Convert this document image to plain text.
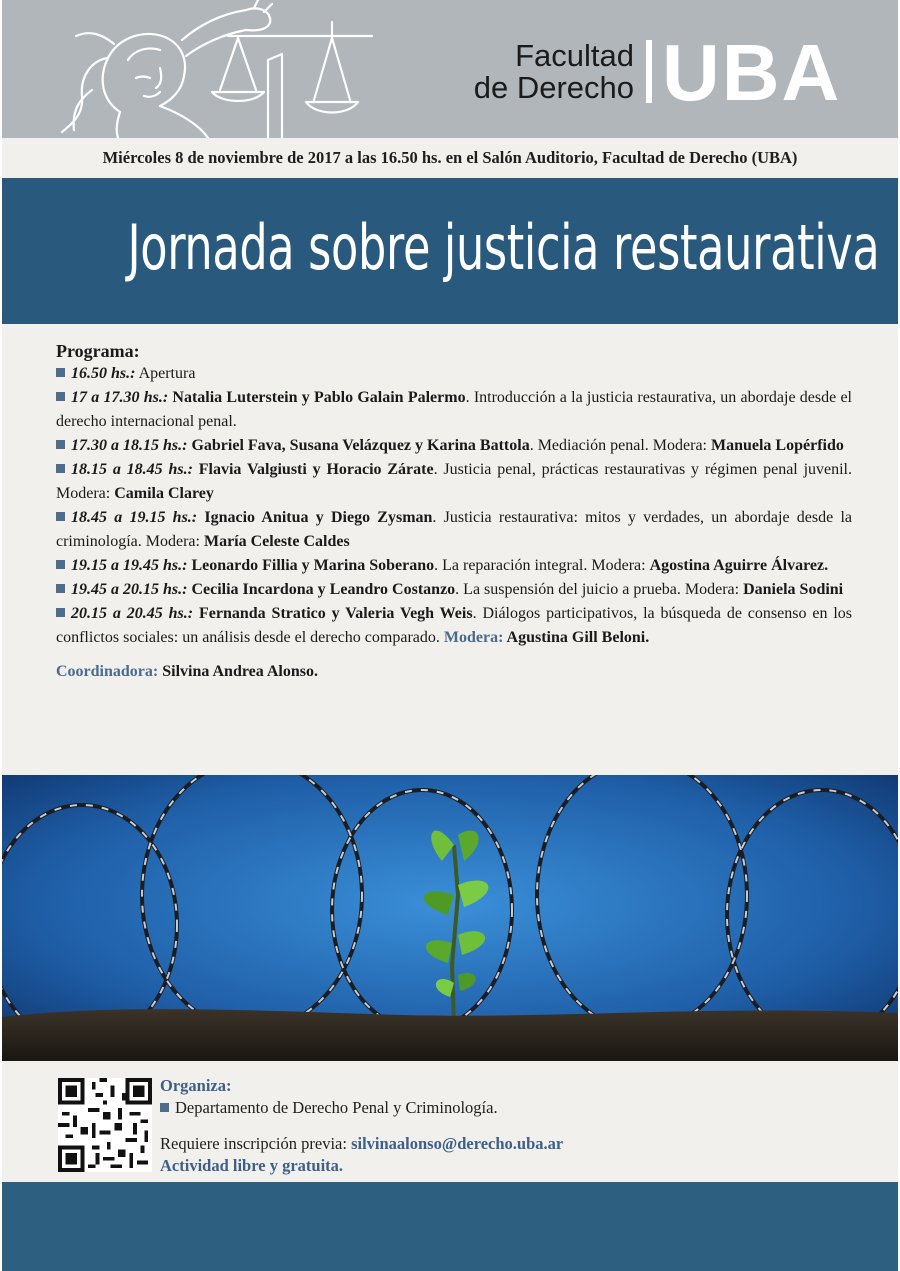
Facultad
de Derecho UBA
Miércoles 8 de noviembre de 2017 a las 16.50 hs. en el Salón Auditorio, Facultad de Derecho (UBA)
Jornada sobre justicia restaurativa
Programa:
16.50 hs.: Apertura
17 a 17.30 hs.: Natalia Luterstein y Pablo Galain Palermo. Introducción a la justicia restaurativa, un abordaje desde el derecho internacional penal.
17.30 a 18.15 hs.: Gabriel Fava, Susana Velázquez y Karina Battola. Mediación penal. Modera: Manuela Lopérfido
18.15 a 18.45 hs.: Flavia Valgiusti y Horacio Zárate. Justicia penal, prácticas restaurativas y régimen penal juvenil. Modera: Camila Clarey
18.45 a 19.15 hs.: Ignacio Anitua y Diego Zysman. Justicia restaurativa: mitos y verdades, un abordaje desde la criminología. Modera: María Celeste Caldes
19.15 a 19.45 hs.: Leonardo Fillia y Marina Soberano. La reparación integral. Modera: Agostina Aguirre Álvarez.
19.45 a 20.15 hs.: Cecilia Incardona y Leandro Costanzo. La suspensión del juicio a prueba. Modera: Daniela Sodini
20.15 a 20.45 hs.: Fernanda Stratico y Valeria Vegh Weis. Diálogos participativos, la búsqueda de consenso en los conflictos sociales: un análisis desde el derecho comparado. Modera: Agustina Gill Beloni.
Coordinadora: Silvina Andrea Alonso.
Organiza:
Departamento de Derecho Penal y Criminología.
Requiere inscripción previa: silvinaalonso@derecho.uba.ar
Actividad libre y gratuita.
